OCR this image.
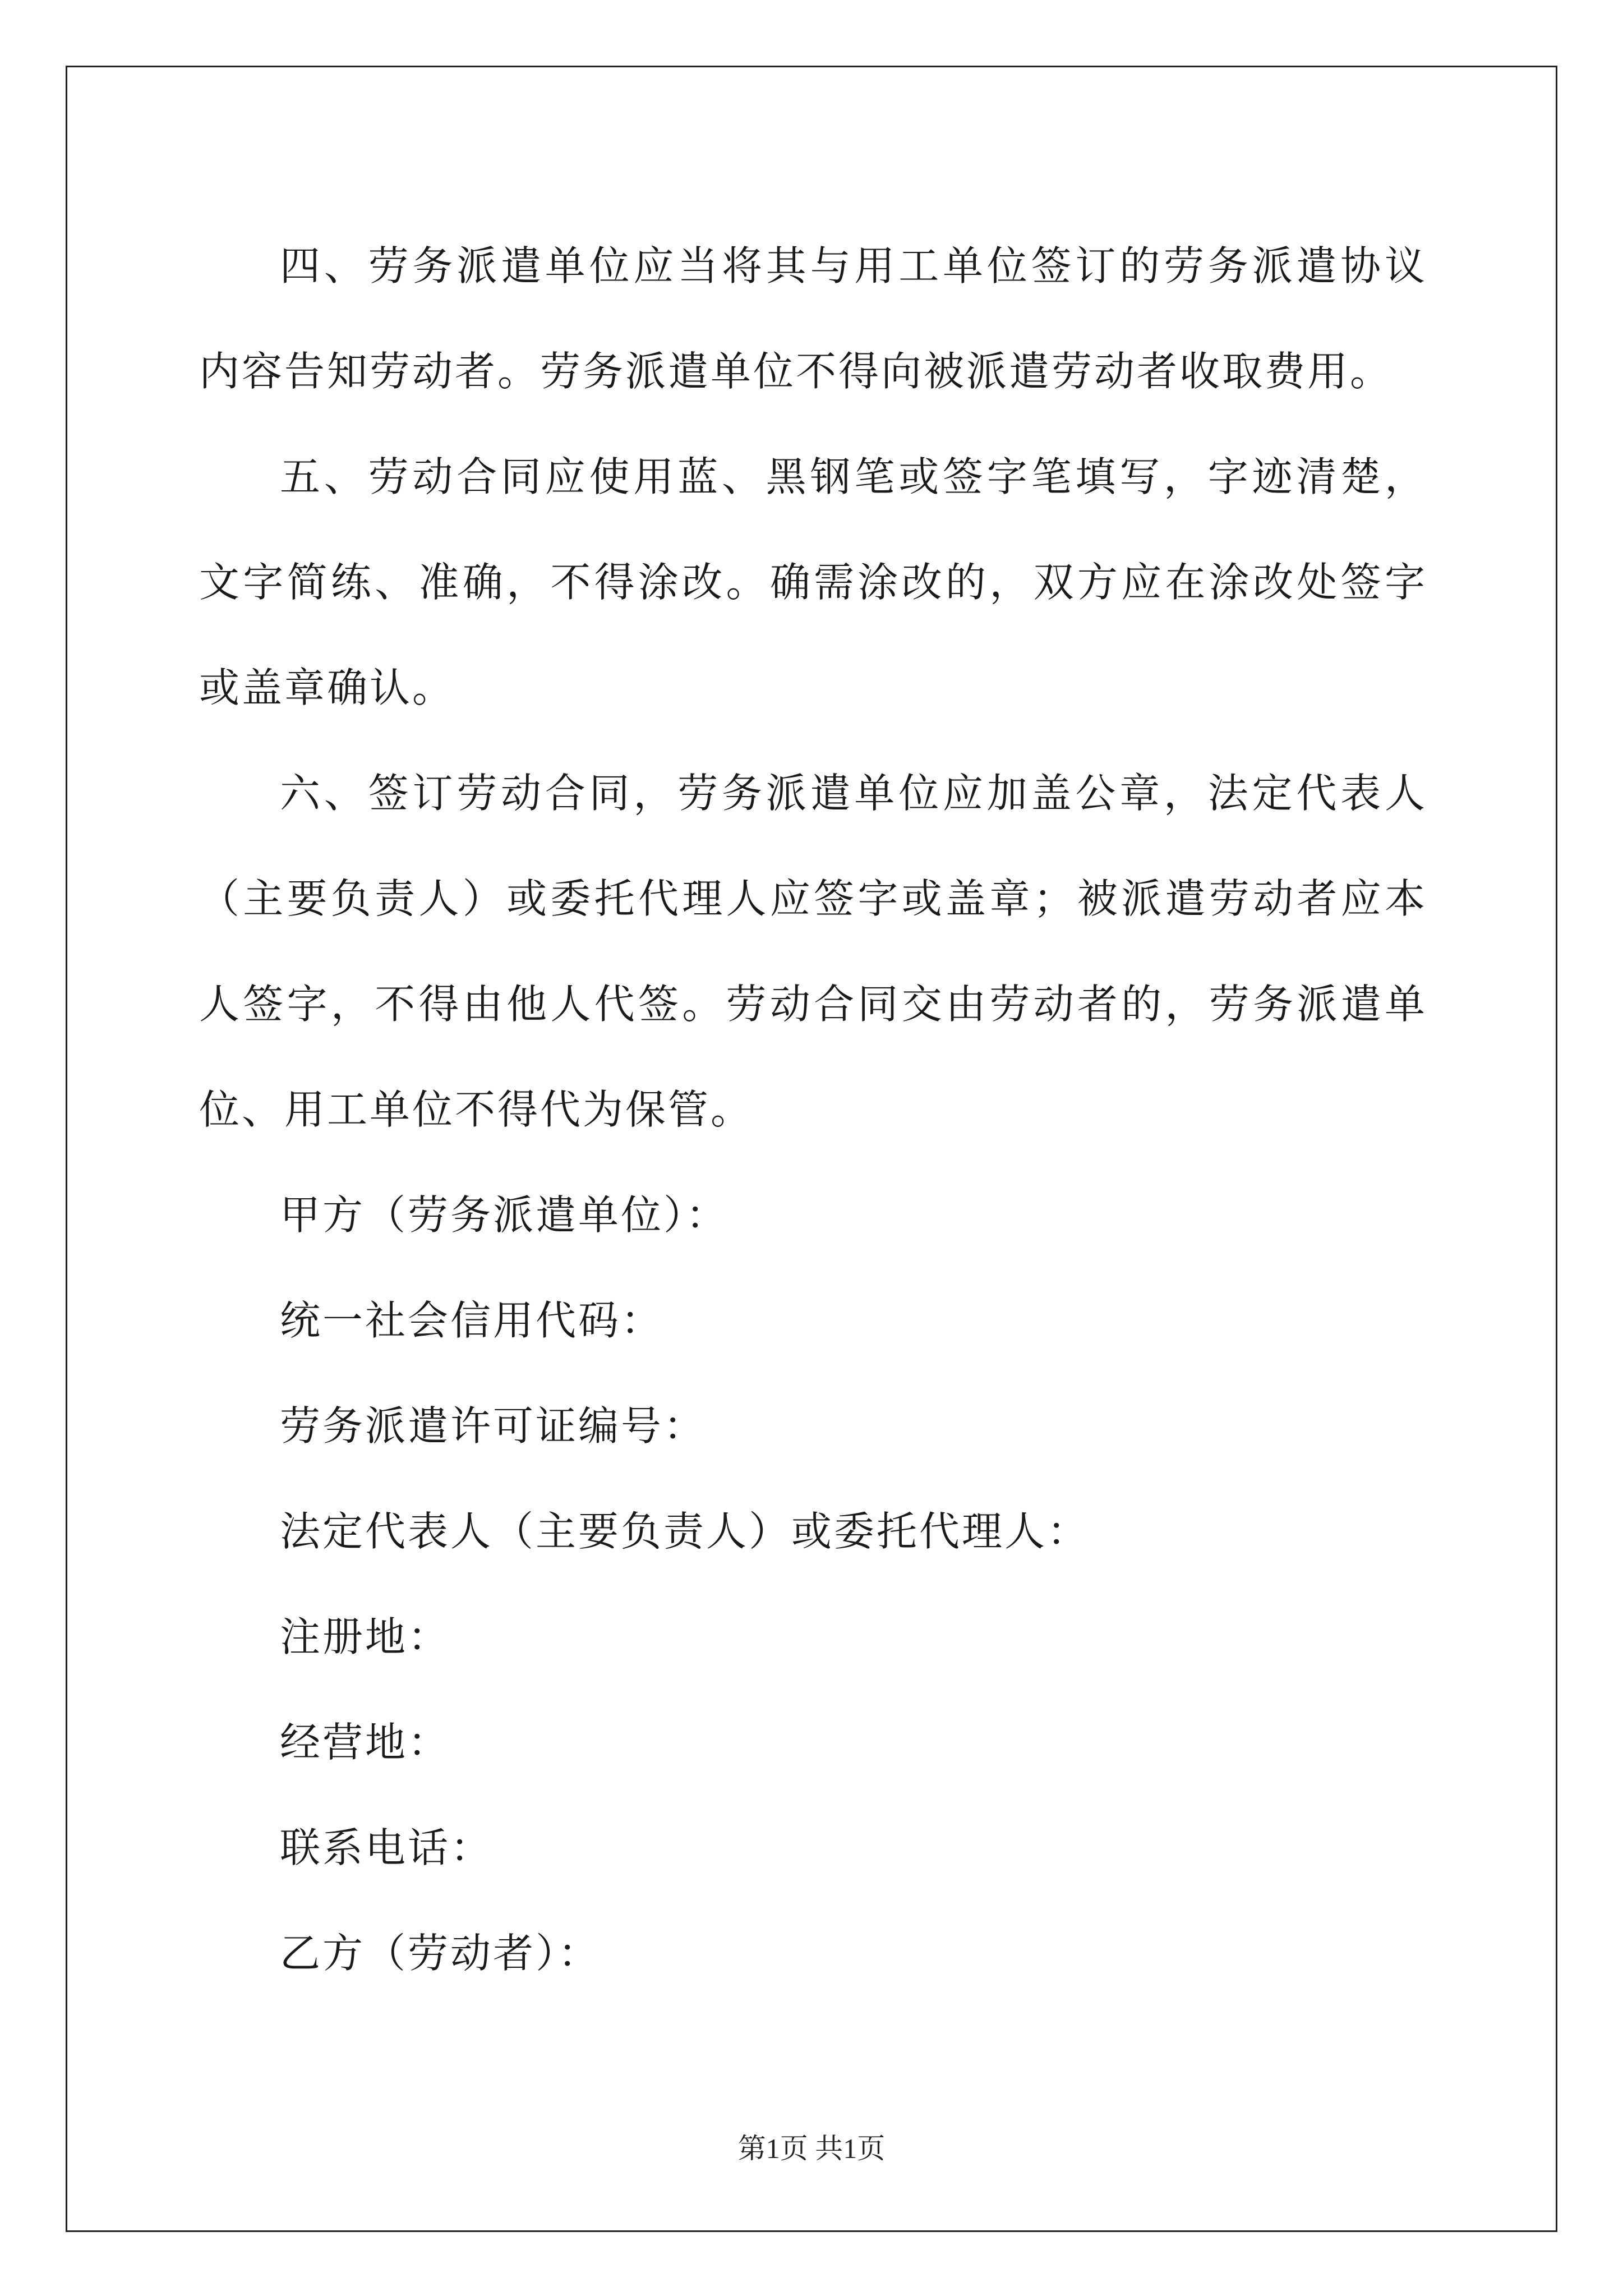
四、劳务派遣单位应当将其与用工单位签订的劳务派遣协议内容告知劳动者。劳务派遣单位不得向被派遣劳动者收取费用。

五、劳动合同应使用蓝、黑钢笔或签字笔填写，字迹清楚，文字简练、准确，不得涂改。确需涂改的，双方应在涂改处签字或盖章确认。

六、签订劳动合同，劳务派遣单位应加盖公章，法定代表人（主要负责人）或委托代理人应签字或盖章；被派遣劳动者应本人签字，不得由他人代签。劳动合同交由劳动者的，劳务派遣单位、用工单位不得代为保管。

甲方（劳务派遣单位）：

统一社会信用代码：

劳务派遣许可证编号：

法定代表人（主要负责人）或委托代理人：

注册地：

经营地：

联系电话：

乙方（劳动者）：

第1页 共1页
